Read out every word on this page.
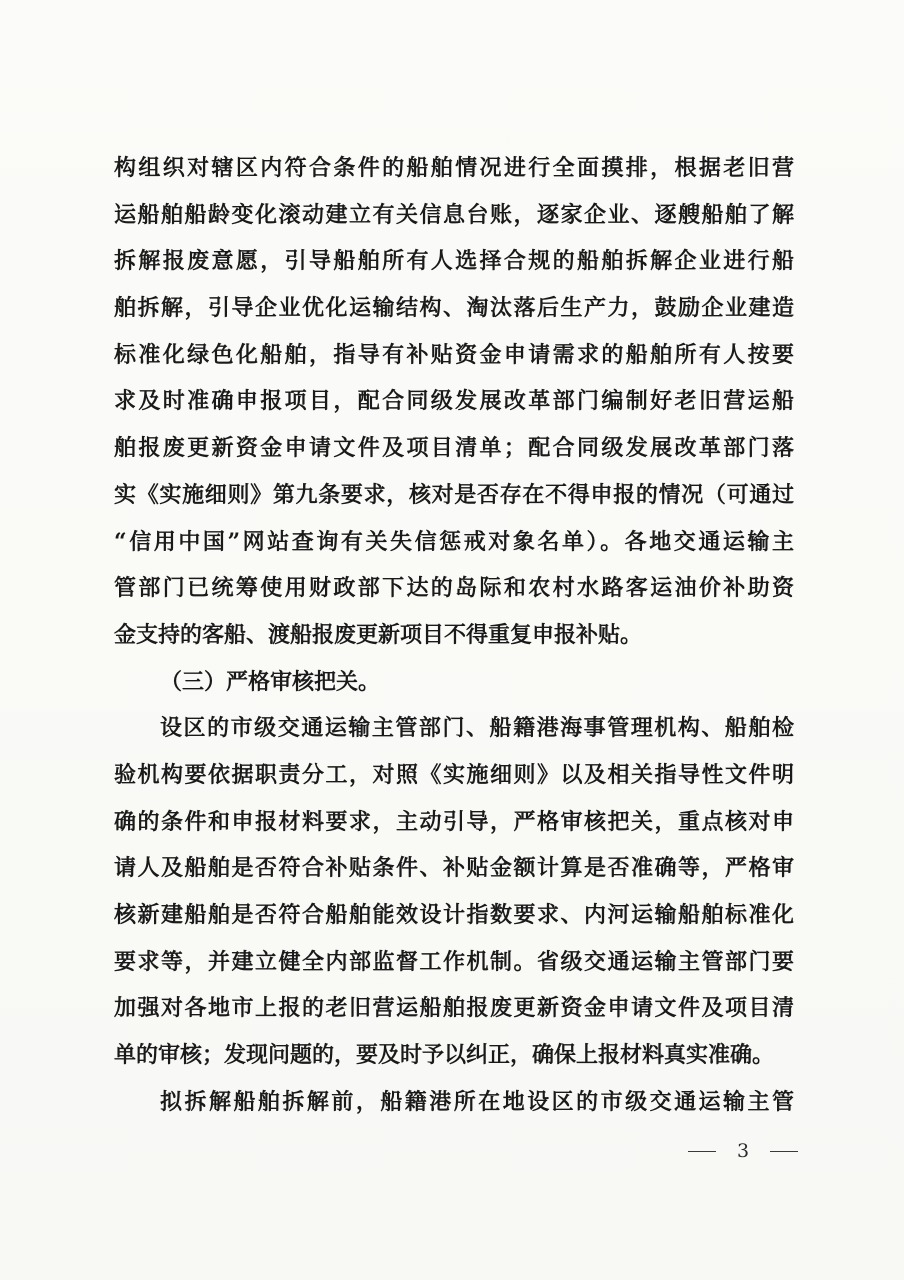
构组织对辖区内符合条件的船舶情况进行全面摸排，根据老旧营
运船舶船龄变化滚动建立有关信息台账，逐家企业、逐艘船舶了解
拆解报废意愿，引导船舶所有人选择合规的船舶拆解企业进行船
舶拆解，引导企业优化运输结构、淘汰落后生产力，鼓励企业建造
标准化绿色化船舶，指导有补贴资金申请需求的船舶所有人按要
求及时准确申报项目，配合同级发展改革部门编制好老旧营运船
舶报废更新资金申请文件及项目清单；配合同级发展改革部门落
实《实施细则》第九条要求，核对是否存在不得申报的情况（可通过
“信用中国”网站查询有关失信惩戒对象名单）。各地交通运输主
管部门已统筹使用财政部下达的岛际和农村水路客运油价补助资
金支持的客船、渡船报废更新项目不得重复申报补贴。
（三）严格审核把关。
设区的市级交通运输主管部门、船籍港海事管理机构、船舶检
验机构要依据职责分工，对照《实施细则》以及相关指导性文件明
确的条件和申报材料要求，主动引导，严格审核把关，重点核对申
请人及船舶是否符合补贴条件、补贴金额计算是否准确等，严格审
核新建船舶是否符合船舶能效设计指数要求、内河运输船舶标准化
要求等，并建立健全内部监督工作机制。省级交通运输主管部门要
加强对各地市上报的老旧营运船舶报废更新资金申请文件及项目清
单的审核；发现问题的，要及时予以纠正，确保上报材料真实准确。
拟拆解船舶拆解前，船籍港所在地设区的市级交通运输主管
3
